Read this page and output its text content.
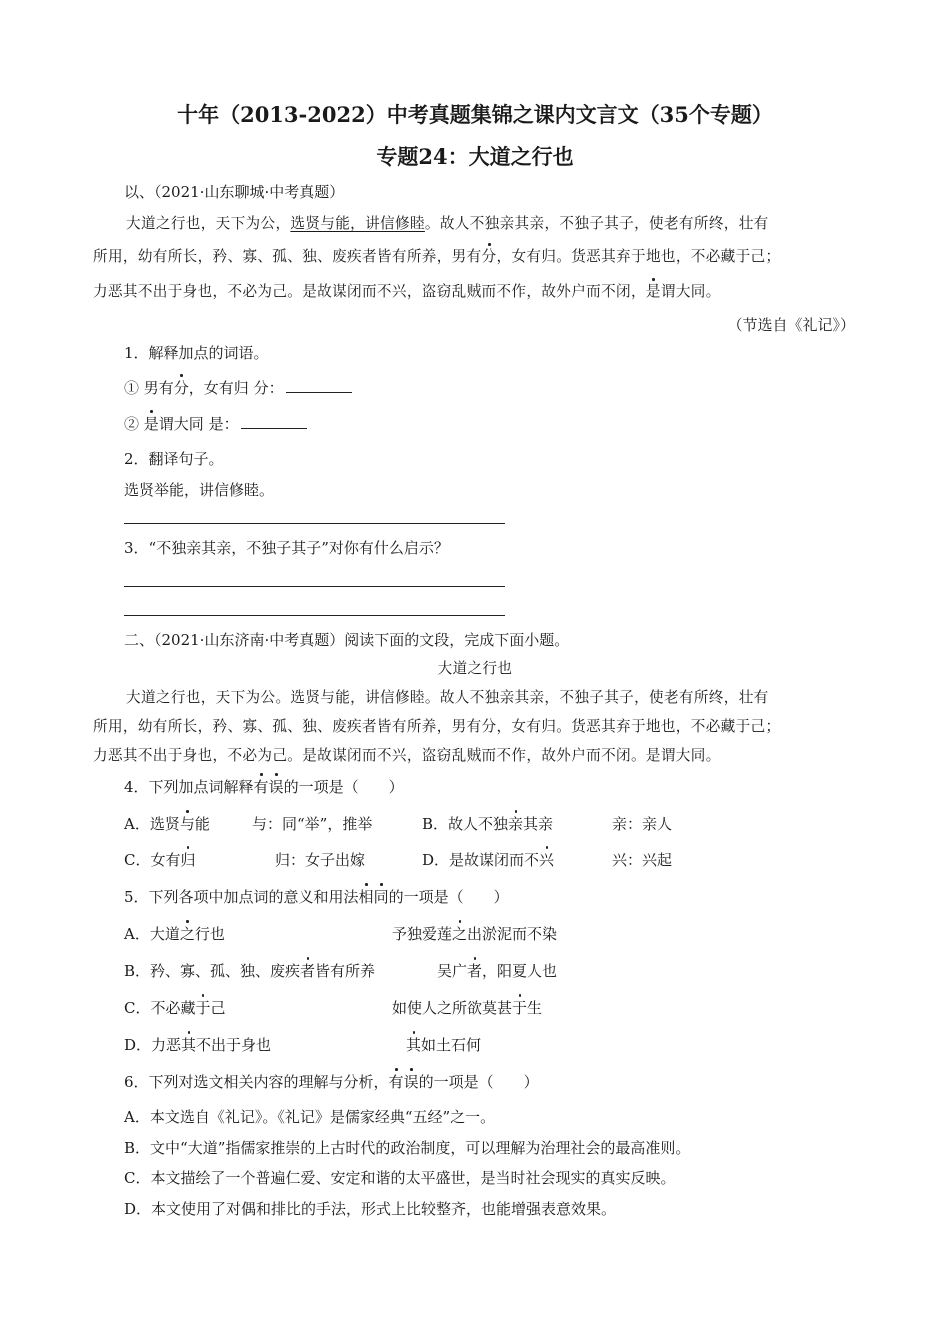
十年（2013-2022）中考真题集锦之课内文言文（35个专题）
专题24：大道之行也
以、（2021·山东聊城·中考真题）
大道之行也，天下为公，选贤与能，讲信修睦。故人不独亲其亲，不独子其子，使老有所终，壮有
所用，幼有所长，矜、寡、孤、独、废疾者皆有所养，男有分，女有归。货恶其弃于地也，不必藏于己；
力恶其不出于身也，不必为己。是故谋闭而不兴，盗窃乱贼而不作，故外户而不闭，是谓大同。
（节选自《礼记》）
1．解释加点的词语。
① 男有分，女有归 分：
② 是谓大同 是：
2．翻译句子。
选贤举能，讲信修睦。
3．“不独亲其亲，不独子其子”对你有什么启示？
二、（2021·山东济南·中考真题）阅读下面的文段，完成下面小题。
大道之行也
大道之行也，天下为公。选贤与能，讲信修睦。故人不独亲其亲，不独子其子，使老有所终，壮有
所用，幼有所长，矜、寡、孤、独、废疾者皆有所养，男有分，女有归。货恶其弃于地也，不必藏于己；
力恶其不出于身也，不必为己。是故谋闭而不兴，盗窃乱贼而不作，故外户而不闭。是谓大同。
4．下列加点词解释有误的一项是（　　）
A．选贤与能	与：同“举”，推举	B．故人不独亲其亲	亲：亲人
C．女有归	归：女子出嫁	D．是故谋闭而不兴	兴：兴起
5．下列各项中加点词的意义和用法相同的一项是（　　）
A．大道之行也	予独爱莲之出淤泥而不染
B．矜、寡、孤、独、废疾者皆有所养	吴广者，阳夏人也
C．不必藏于己	如使人之所欲莫甚于生
D．力恶其不出于身也	其如土石何
6．下列对选文相关内容的理解与分析，有误的一项是（　　）
A．本文选自《礼记》。《礼记》是儒家经典“五经”之一。
B．文中“大道”指儒家推崇的上古时代的政治制度，可以理解为治理社会的最高准则。
C．本文描绘了一个普遍仁爱、安定和谐的太平盛世，是当时社会现实的真实反映。
D．本文使用了对偶和排比的手法，形式上比较整齐，也能增强表意效果。
